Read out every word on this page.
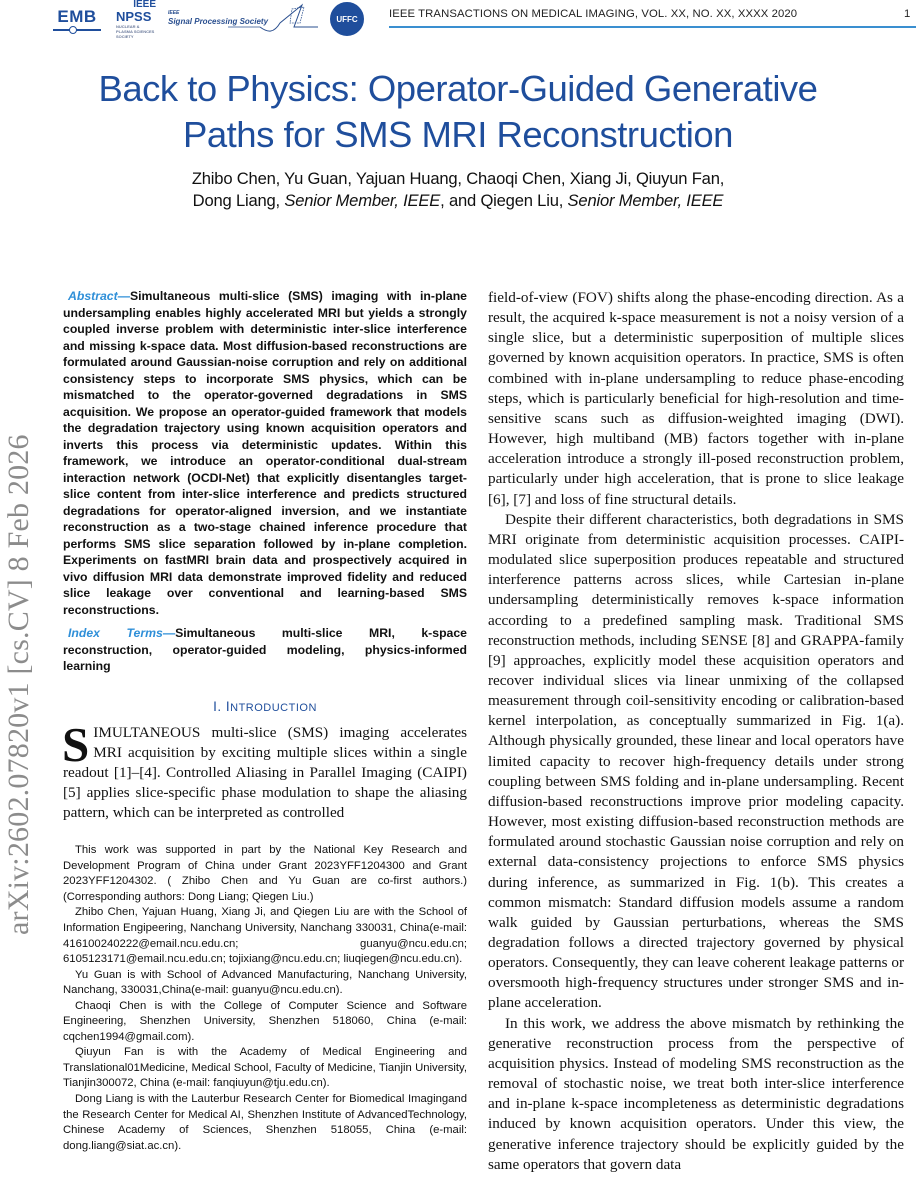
EMB
IEEE
NPSS
NUCLEAR & PLASMA SCIENCES SOCIETY
IEEE
Signal Processing Society	UFFC	IEEE TRANSACTIONS ON MEDICAL IMAGING, VOL. XX, NO. XX, XXXX 2020	1
arXiv:2602.07820v1 [cs.CV] 8 Feb 2026
Back to Physics: Operator-Guided Generative
Paths for SMS MRI Reconstruction
Zhibo Chen, Yu Guan, Yajuan Huang, Chaoqi Chen, Xiang Ji, Qiuyun Fan,
Dong Liang, Senior Member, IEEE, and Qiegen Liu, Senior Member, IEEE
Abstract—Simultaneous multi-slice (SMS) imaging with in-plane undersampling enables highly accelerated MRI but yields a strongly coupled inverse problem with deterministic inter-slice interference and missing k-space data. Most diffusion-based reconstructions are formulated around Gaussian-noise corruption and rely on additional consistency steps to incorporate SMS physics, which can be mismatched to the operator-governed degradations in SMS acquisition. We propose an operator-guided framework that models the degradation trajectory using known acquisition operators and inverts this process via deterministic updates. Within this framework, we introduce an operator-conditional dual-stream interaction network (OCDI-Net) that explicitly disentangles target-slice content from inter-slice interference and predicts structured degradations for operator-aligned inversion, and we instantiate reconstruction as a two-stage chained inference procedure that performs SMS slice separation followed by in-plane completion. Experiments on fastMRI brain data and prospectively acquired in vivo diffusion MRI data demonstrate improved fidelity and reduced slice leakage over conventional and learning-based SMS reconstructions.
Index Terms—Simultaneous multi-slice MRI, k-space reconstruction, operator-guided modeling, physics-informed learning
I. INTRODUCTION
SIMULTANEOUS multi-slice (SMS) imaging accelerates MRI acquisition by exciting multiple slices within a single readout [1]–[4]. Controlled Aliasing in Parallel Imaging (CAIPI) [5] applies slice-specific phase modulation to shape the aliasing pattern, which can be interpreted as controlled

This work was supported in part by the National Key Research and Development Program of China under Grant 2023YFF1204300 and Grant 2023YFF1204302. ( Zhibo Chen and Yu Guan are co-first authors.) (Corresponding authors: Dong Liang; Qiegen Liu.)

Zhibo Chen, Yajuan Huang, Xiang Ji, and Qiegen Liu are with the School of Information Engipeering, Nanchang University, Nanchang 330031, China(e-mail: 416100240222@email.ncu.edu.cn; guanyu@ncu.edu.cn; 6105123171@email.ncu.edu.cn; tojixiang@ncu.edu.cn; liuqiegen@ncu.edu.cn).

Yu Guan is with School of Advanced Manufacturing, Nanchang University, Nanchang, 330031,China(e-mail: guanyu@ncu.edu.cn).

Chaoqi Chen is with the College of Computer Science and Software Engineering, Shenzhen University, Shenzhen 518060, China (e-mail: cqchen1994@gmail.com).

Qiuyun Fan is with the Academy of Medical Engineering and Translational01Medicine, Medical School, Faculty of Medicine, Tianjin University, Tianjin300072, China (e-mail: fanqiuyun@tju.edu.cn).

Dong Liang is with the Lauterbur Research Center for Biomedical Imagingand the Research Center for Medical AI, Shenzhen Institute of AdvancedTechnology, Chinese Academy of Sciences, Shenzhen 518055, China (e-mail: dong.liang@siat.ac.cn).

field-of-view (FOV) shifts along the phase-encoding direction. As a result, the acquired k-space measurement is not a noisy version of a single slice, but a deterministic superposition of multiple slices governed by known acquisition operators. In practice, SMS is often combined with in-plane undersampling to reduce phase-encoding steps, which is particularly beneficial for high-resolution and time-sensitive scans such as diffusion-weighted imaging (DWI). However, high multiband (MB) factors together with in-plane acceleration introduce a strongly ill-posed reconstruction problem, particularly under high acceleration, that is prone to slice leakage [6], [7] and loss of fine structural details.

Despite their different characteristics, both degradations in SMS MRI originate from deterministic acquisition processes. CAIPI-modulated slice superposition produces repeatable and structured interference patterns across slices, while Cartesian in-plane undersampling deterministically removes k-space information according to a predefined sampling mask. Traditional SMS reconstruction methods, including SENSE [8] and GRAPPA-family [9] approaches, explicitly model these acquisition operators and recover individual slices via linear unmixing of the collapsed measurement through coil-sensitivity encoding or calibration-based kernel interpolation, as conceptually summarized in Fig. 1(a). Although physically grounded, these linear and local operators have limited capacity to recover high-frequency details under strong coupling between SMS folding and in-plane undersampling. Recent diffusion-based reconstructions improve prior modeling capacity. However, most existing diffusion-based reconstruction methods are formulated around stochastic Gaussian noise corruption and rely on external data-consistency projections to enforce SMS physics during inference, as summarized in Fig. 1(b). This creates a common mismatch: Standard diffusion models assume a random walk guided by Gaussian perturbations, whereas the SMS degradation follows a directed trajectory governed by physical operators. Consequently, they can leave coherent leakage patterns or oversmooth high-frequency structures under stronger SMS and in-plane acceleration.

In this work, we address the above mismatch by rethinking the generative reconstruction process from the perspective of acquisition physics. Instead of modeling SMS reconstruction as the removal of stochastic noise, we treat both inter-slice interference and in-plane k-space incompleteness as deterministic degradations induced by known acquisition operators. Under this view, the generative inference trajectory should be explicitly guided by the same operators that govern data
